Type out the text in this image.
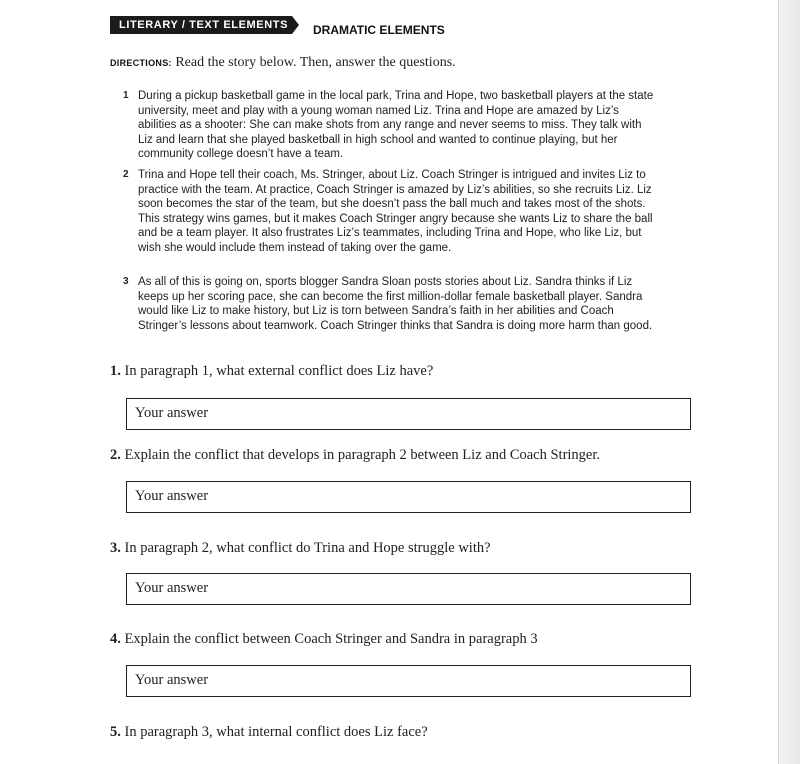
LITERARY / TEXT ELEMENTS	DRAMATIC ELEMENTS
DIRECTIONS: Read the story below. Then, answer the questions.
1 During a pickup basketball game in the local park, Trina and Hope, two basketball players at the state university, meet and play with a young woman named Liz. Trina and Hope are amazed by Liz’s abilities as a shooter: She can make shots from any range and never seems to miss. They talk with Liz and learn that she played basketball in high school and wanted to continue playing, but her community college doesn’t have a team.
2 Trina and Hope tell their coach, Ms. Stringer, about Liz. Coach Stringer is intrigued and invites Liz to practice with the team. At practice, Coach Stringer is amazed by Liz’s abilities, so she recruits Liz. Liz soon becomes the star of the team, but she doesn’t pass the ball much and takes most of the shots. This strategy wins games, but it makes Coach Stringer angry because she wants Liz to share the ball and be a team player. It also frustrates Liz’s teammates, including Trina and Hope, who like Liz, but wish she would include them instead of taking over the game.
3 As all of this is going on, sports blogger Sandra Sloan posts stories about Liz. Sandra thinks if Liz keeps up her scoring pace, she can become the first million-dollar female basketball player. Sandra would like Liz to make history, but Liz is torn between Sandra’s faith in her abilities and Coach Stringer’s lessons about teamwork. Coach Stringer thinks that Sandra is doing more harm than good.
1. In paragraph 1, what external conflict does Liz have?
Your answer
2. Explain the conflict that develops in paragraph 2 between Liz and Coach Stringer.
Your answer
3. In paragraph 2, what conflict do Trina and Hope struggle with?
Your answer
4. Explain the conflict between Coach Stringer and Sandra in paragraph 3
Your answer
5. In paragraph 3, what internal conflict does Liz face?
